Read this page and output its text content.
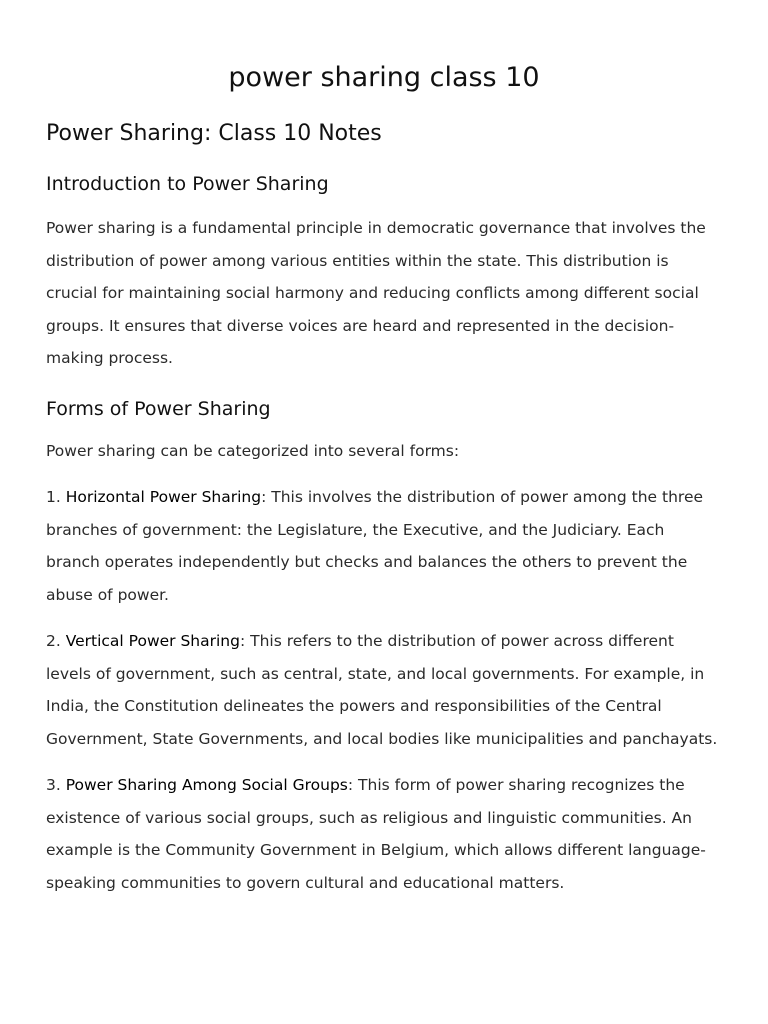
power sharing class 10
Power Sharing: Class 10 Notes
Introduction to Power Sharing

Power sharing is a fundamental principle in democratic governance that involves the distribution of power among various entities within the state. This distribution is crucial for maintaining social harmony and reducing conflicts among different social groups. It ensures that diverse voices are heard and represented in the decision-making process.

Forms of Power Sharing

Power sharing can be categorized into several forms:

1. Horizontal Power Sharing: This involves the distribution of power among the three branches of government: the Legislature, the Executive, and the Judiciary. Each branch operates independently but checks and balances the others to prevent the abuse of power.

2. Vertical Power Sharing: This refers to the distribution of power across different levels of government, such as central, state, and local governments. For example, in India, the Constitution delineates the powers and responsibilities of the Central Government, State Governments, and local bodies like municipalities and panchayats.

3. Power Sharing Among Social Groups: This form of power sharing recognizes the existence of various social groups, such as religious and linguistic communities. An example is the Community Government in Belgium, which allows different language-speaking communities to govern cultural and educational matters.
